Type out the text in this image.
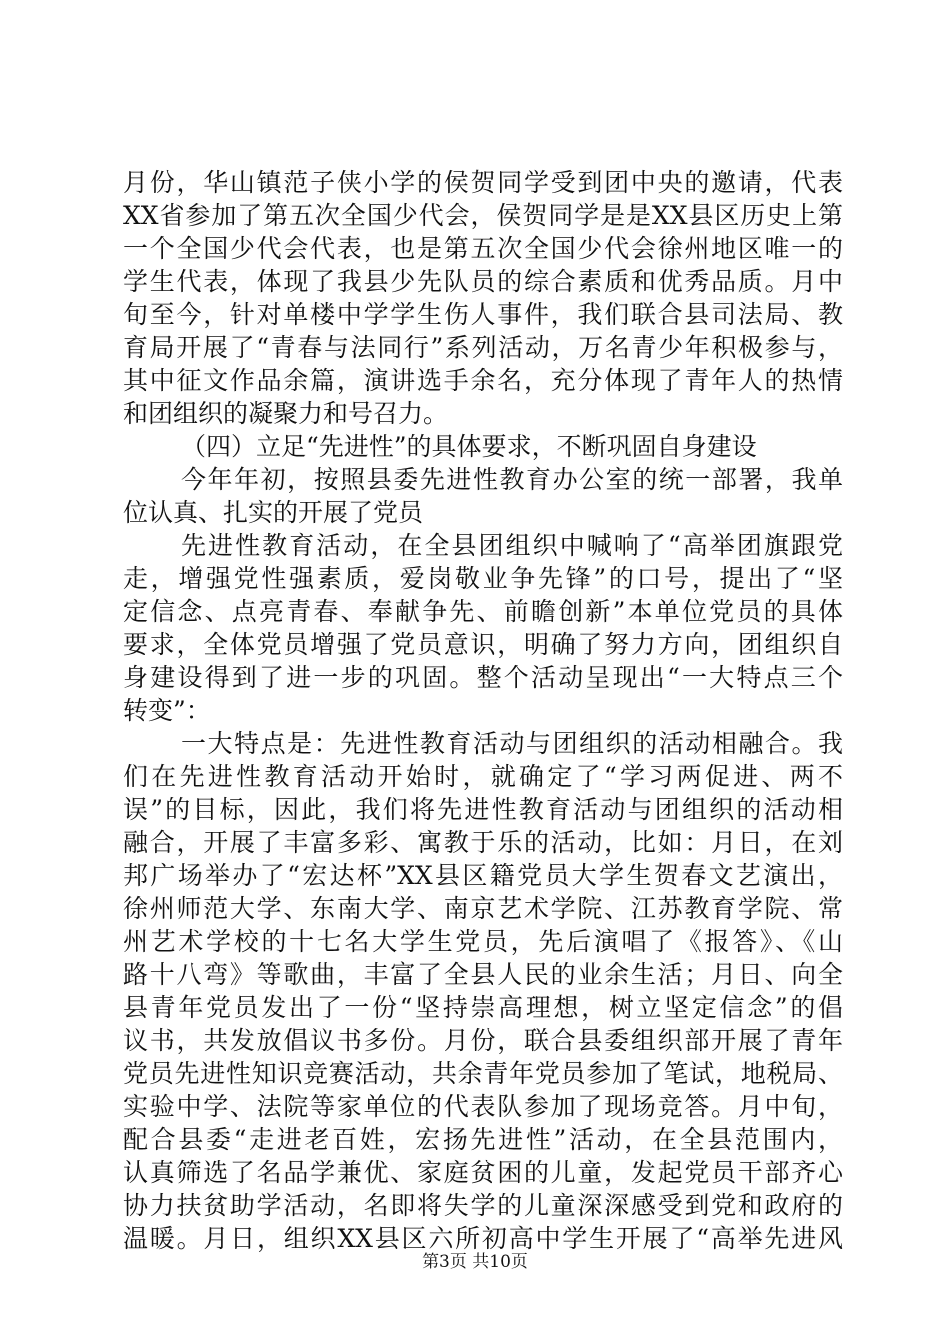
月份，华山镇范子侠小学的侯贺同学受到团中央的邀请，代表
XX省参加了第五次全国少代会，侯贺同学是是XX县区历史上第
一个全国少代会代表，也是第五次全国少代会徐州地区唯一的
学生代表，体现了我县少先队员的综合素质和优秀品质。月中
旬至今，针对单楼中学学生伤人事件，我们联合县司法局、教
育局开展了“青春与法同行”系列活动，万名青少年积极参与，
其中征文作品余篇，演讲选手余名，充分体现了青年人的热情
和团组织的凝聚力和号召力。
（四）立足“先进性”的具体要求，不断巩固自身建设
今年年初，按照县委先进性教育办公室的统一部署，我单
位认真、扎实的开展了党员
先进性教育活动，在全县团组织中喊响了“高举团旗跟党
走，增强党性强素质，爱岗敬业争先锋”的口号，提出了“坚
定信念、点亮青春、奉献争先、前瞻创新”本单位党员的具体
要求，全体党员增强了党员意识，明确了努力方向，团组织自
身建设得到了进一步的巩固。整个活动呈现出“一大特点三个
转变”：
一大特点是：先进性教育活动与团组织的活动相融合。我
们在先进性教育活动开始时，就确定了“学习两促进、两不
误”的目标，因此，我们将先进性教育活动与团组织的活动相
融合，开展了丰富多彩、寓教于乐的活动，比如：月日，在刘
邦广场举办了“宏达杯”XX县区籍党员大学生贺春文艺演出，
徐州师范大学、东南大学、南京艺术学院、江苏教育学院、常
州艺术学校的十七名大学生党员，先后演唱了《报答》、《山
路十八弯》等歌曲，丰富了全县人民的业余生活；月日、向全
县青年党员发出了一份“坚持崇高理想，树立坚定信念”的倡
议书，共发放倡议书多份。月份，联合县委组织部开展了青年
党员先进性知识竞赛活动，共余青年党员参加了笔试，地税局、
实验中学、法院等家单位的代表队参加了现场竞答。月中旬，
配合县委“走进老百姓，宏扬先进性”活动，在全县范围内，
认真筛选了名品学兼优、家庭贫困的儿童，发起党员干部齐心
协力扶贫助学活动，名即将失学的儿童深深感受到党和政府的
温暖。月日，组织XX县区六所初高中学生开展了“高举先进风
第3页 共10页
